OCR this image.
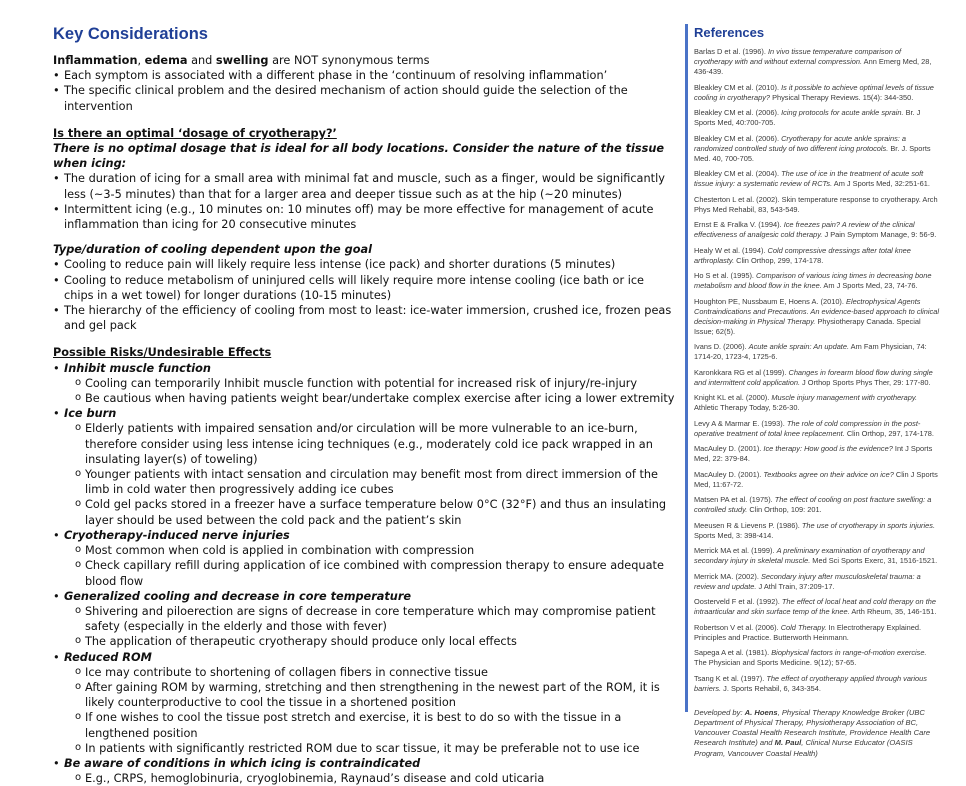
Key Considerations

Inflammation, edema and swelling are NOT synonymous terms

• Each symptom is associated with a different phase in the ‘continuum of resolving inflammation’
• The specific clinical problem and the desired mechanism of action should guide the selection of the intervention

Is there an optimal ‘dosage of cryotherapy?’

There is no optimal dosage that is ideal for all body locations. Consider the nature of the tissue when icing:

• The duration of icing for a small area with minimal fat and muscle, such as a finger, would be significantly less (~3-5 minutes) than that for a larger area and deeper tissue such as at the hip (~20 minutes)
• Intermittent icing (e.g., 10 minutes on: 10 minutes off) may be more effective for management of acute inflammation than icing for 20 consecutive minutes

Type/duration of cooling dependent upon the goal

• Cooling to reduce pain will likely require less intense (ice pack) and shorter durations (5 minutes)
• Cooling to reduce metabolism of uninjured cells will likely require more intense cooling (ice bath or ice chips in a wet towel) for longer durations (10-15 minutes)
• The hierarchy of the efficiency of cooling from most to least: ice-water immersion, crushed ice, frozen peas and gel pack

Possible Risks/Undesirable Effects

• Inhibit muscle function
o Cooling can temporarily Inhibit muscle function with potential for increased risk of injury/re-injury
o Be cautious when having patients weight bear/undertake complex exercise after icing a lower extremity
• Ice burn
o Elderly patients with impaired sensation and/or circulation will be more vulnerable to an ice-burn, therefore consider using less intense icing techniques (e.g., moderately cold ice pack wrapped in an insulating layer(s) of toweling)
o Younger patients with intact sensation and circulation may benefit most from direct immersion of the limb in cold water then progressively adding ice cubes
o Cold gel packs stored in a freezer have a surface temperature below 0°C (32°F) and thus an insulating layer should be used between the cold pack and the patient’s skin
• Cryotherapy-induced nerve injuries
o Most common when cold is applied in combination with compression
o Check capillary refill during application of ice combined with compression therapy to ensure adequate blood flow
• Generalized cooling and decrease in core temperature
o Shivering and piloerection are signs of decrease in core temperature which may compromise patient safety (especially in the elderly and those with fever)
o The application of therapeutic cryotherapy should produce only local effects
• Reduced ROM
o Ice may contribute to shortening of collagen fibers in connective tissue
o After gaining ROM by warming, stretching and then strengthening in the newest part of the ROM, it is likely counterproductive to cool the tissue in a shortened position
o If one wishes to cool the tissue post stretch and exercise, it is best to do so with the tissue in a lengthened position
o In patients with significantly restricted ROM due to scar tissue, it may be preferable not to use ice
• Be aware of conditions in which icing is contraindicated
o E.g., CRPS, hemoglobinuria, cryoglobinemia, Raynaud’s disease and cold uticaria
References

Barlas D et al. (1996). In vivo tissue temperature comparison of cryotherapy with and without external compression. Ann Emerg Med, 28, 436-439.

Bleakley CM et al. (2010). Is it possible to achieve optimal levels of tissue cooling in cryotherapy? Physical Therapy Reviews. 15(4): 344-350.

Bleakley CM et al. (2006). Icing protocols for acute ankle sprain. Br. J Sports Med, 40:700-705.

Bleakley CM et al. (2006). Cryotherapy for acute ankle sprains: a randomized controlled study of two different icing protocols. Br. J. Sports Med. 40, 700-705.

Bleakley CM et al. (2004). The use of ice in the treatment of acute soft tissue injury: a systematic review of RCTs. Am J Sports Med, 32:251-61.

Chesterton L et al. (2002). Skin temperature response to cryotherapy. Arch Phys Med Rehabil, 83, 543-549.

Ernst E & Fralka V. (1994). Ice freezes pain? A review of the clinical effectiveness of analgesic cold therapy. J Pain Symptom Manage, 9: 56-9.

Healy W et al. (1994). Cold compressive dressings after total knee arthroplasty. Clin Orthop, 299, 174-178.

Ho S et al. (1995). Comparison of various icing times in decreasing bone metabolism and blood flow in the knee. Am J Sports Med, 23, 74-76.

Houghton PE, Nussbaum E, Hoens A. (2010). Electrophysical Agents Contraindications and Precautions. An evidence-based approach to clinical decision-making in Physical Therapy. Physiotherapy Canada. Special Issue; 62(5).

Ivans D. (2006). Acute ankle sprain: An update. Am Fam Physician, 74: 1714-20, 1723-4, 1725-6.

Karonkkara RG et al (1999). Changes in forearm blood flow during single and intermittent cold application. J Orthop Sports Phys Ther, 29: 177-80.

Knight KL et al. (2000). Muscle injury management with cryotherapy. Athletic Therapy Today, 5:26-30.

Levy A & Marmar E. (1993). The role of cold compression in the post-operative treatment of total knee replacement. Clin Orthop, 297, 174-178.

MacAuley D. (2001). Ice therapy: How good is the evidence? Int J Sports Med, 22: 379-84.

MacAuley D. (2001). Textbooks agree on their advice on ice? Clin J Sports Med, 11:67-72.

Matsen PA et al. (1975). The effect of cooling on post fracture swelling: a controlled study. Clin Orthop, 109: 201.

Meeusen R & Lievens P. (1986). The use of cryotherapy in sports injuries. Sports Med, 3: 398-414.

Merrick MA et al. (1999). A preliminary examination of cryotherapy and secondary injury in skeletal muscle. Med Sci Sports Exerc, 31, 1516-1521.

Merrick MA. (2002). Secondary injury after musculoskeletal trauma: a review and update. J Athl Train, 37:209-17.

Oosterveld F et al. (1992). The effect of local heat and cold therapy on the intraarticular and skin surface temp of the knee. Arth Rheum, 35, 146-151.

Robertson V et al. (2006). Cold Therapy. In Electrotherapy Explained. Principles and Practice. Butterworth Heinmann.

Sapega A et al. (1981). Biophysical factors in range-of-motion exercise. The Physician and Sports Medicine. 9(12); 57-65.

Tsang K et al. (1997). The effect of cryotherapy applied through various barriers. J. Sports Rehabil, 6, 343-354.

Developed by: A. Hoens, Physical Therapy Knowledge Broker (UBC Department of Physical Therapy, Physiotherapy Association of BC, Vancouver Coastal Health Research Institute, Providence Health Care Research Institute) and M. Paul, Clinical Nurse Educator (OASIS Program, Vancouver Coastal Health)
